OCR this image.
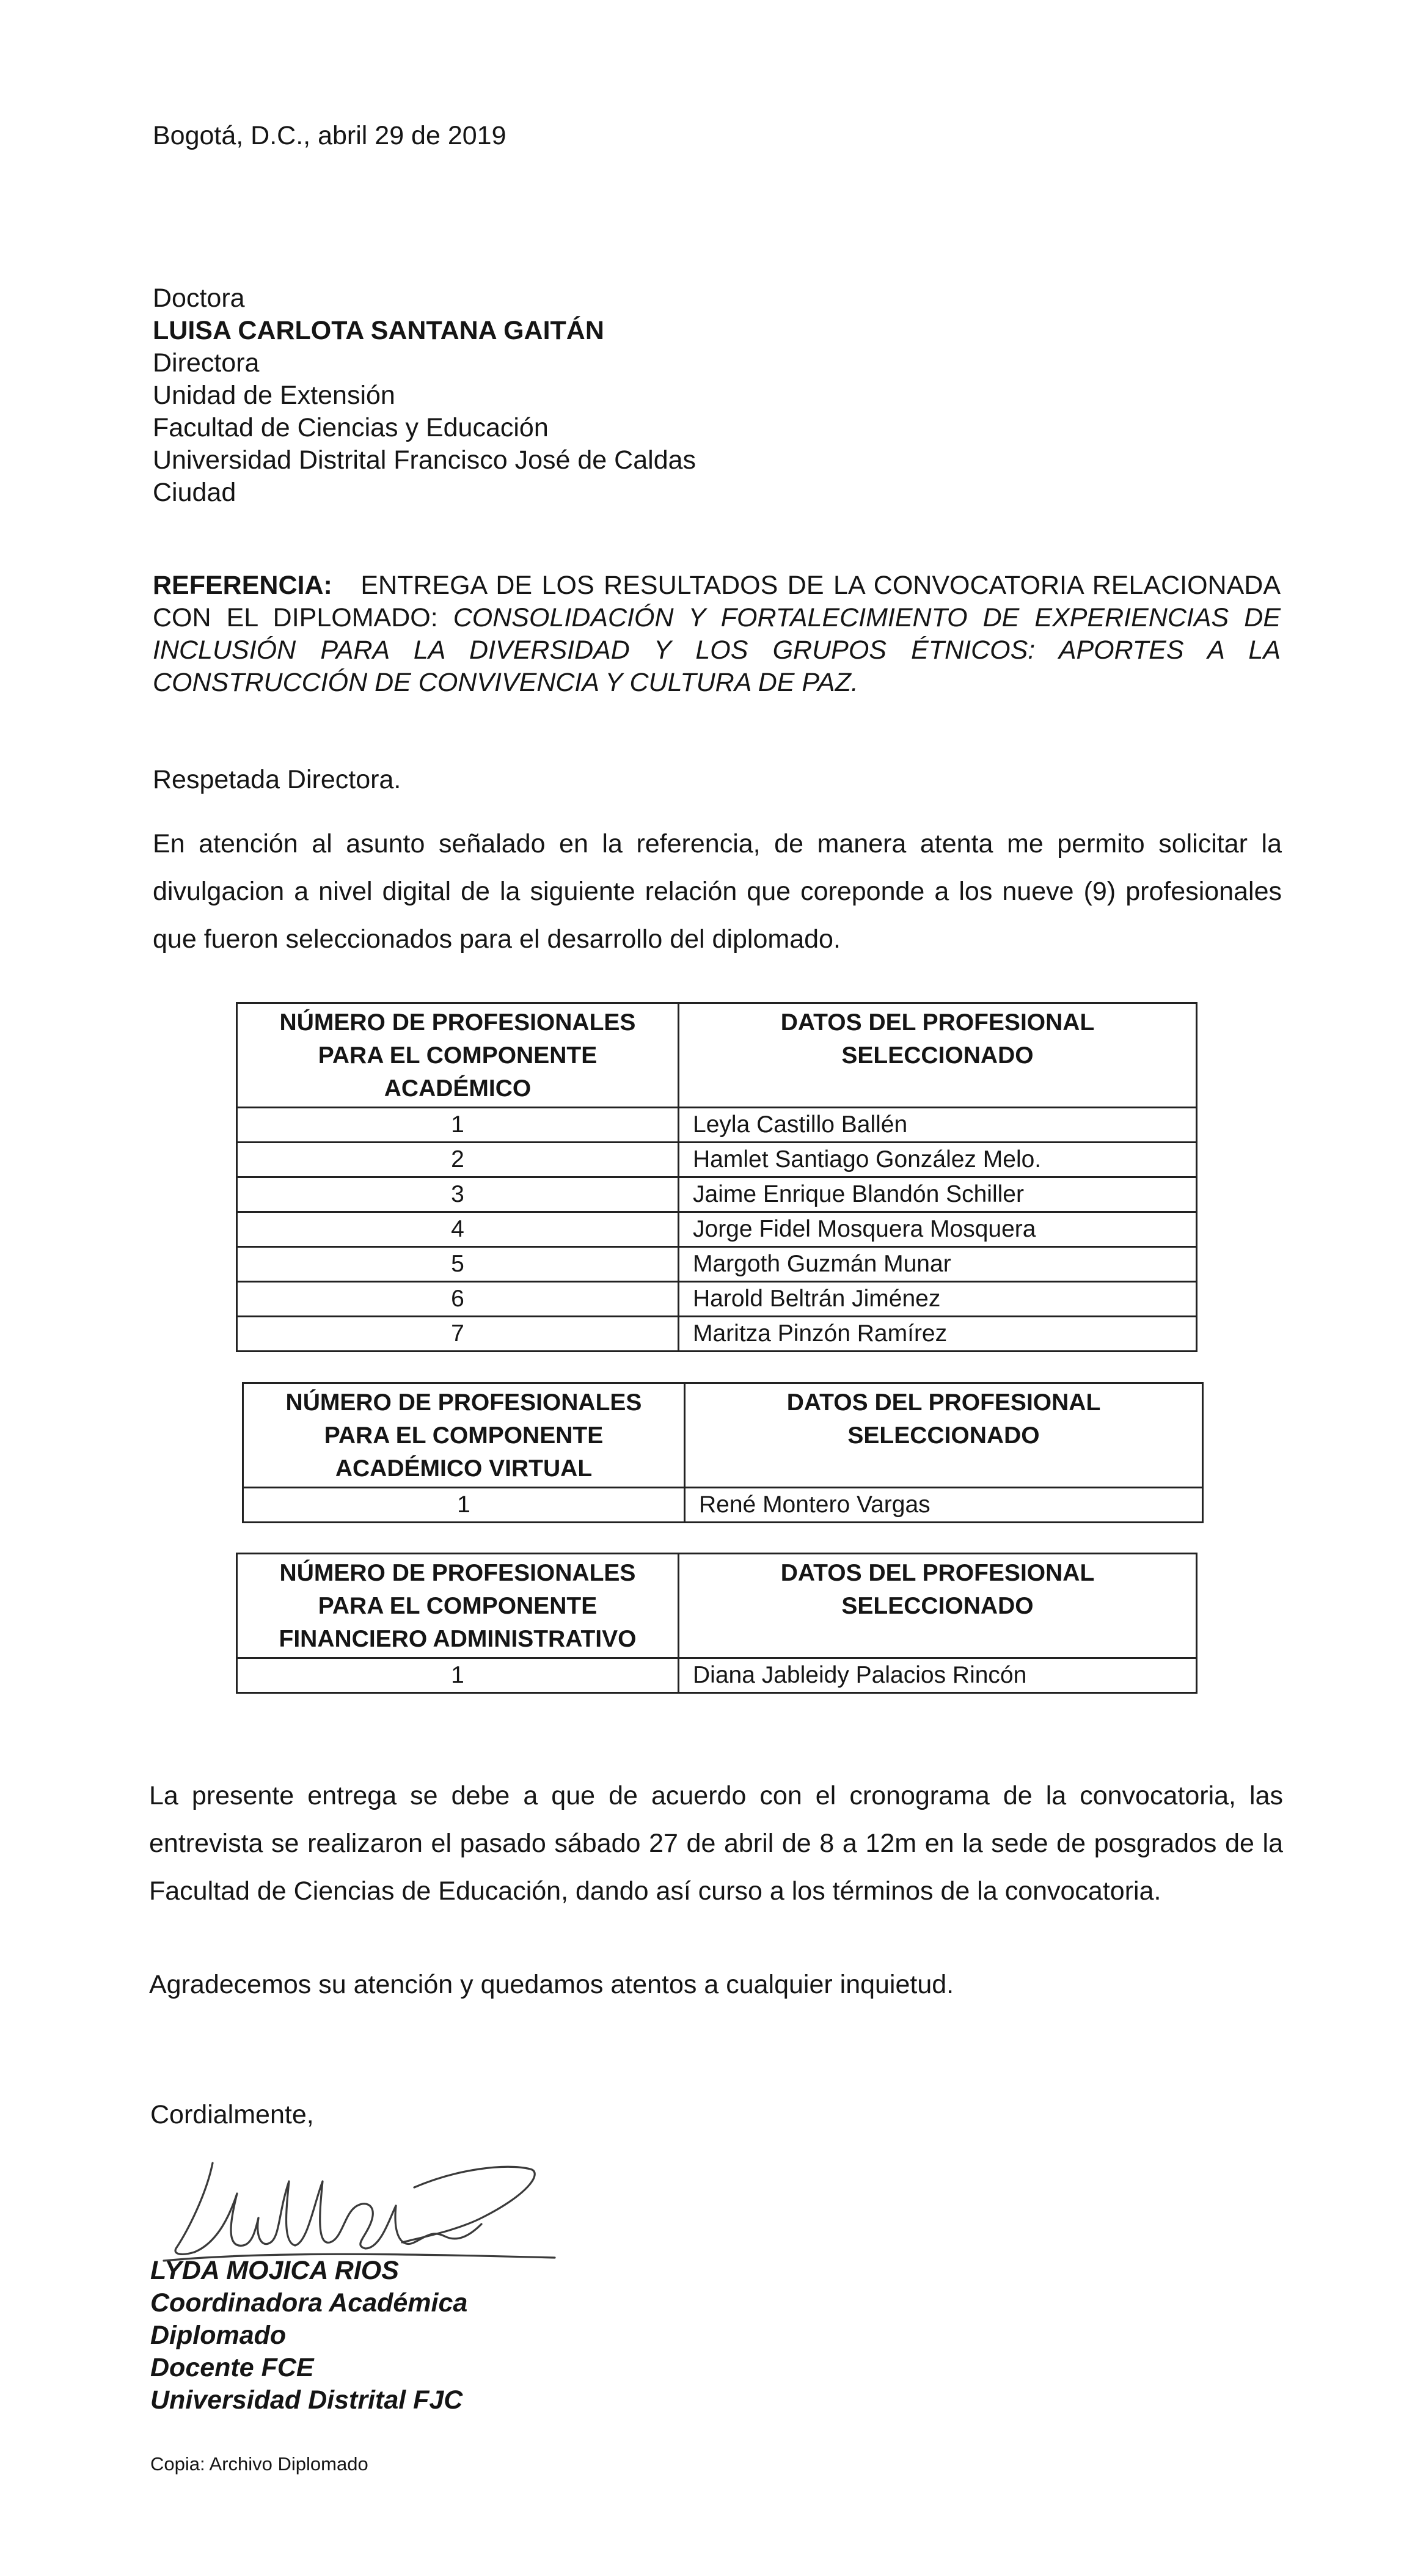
Bogotá, D.C., abril 29 de 2019

Doctora

LUISA CARLOTA SANTANA GAITÁN

Directora

Unidad de Extensión

Facultad de Ciencias y Educación

Universidad Distrital Francisco José de Caldas

Ciudad

REFERENCIA: ENTREGA DE LOS RESULTADOS DE LA CONVOCATORIA RELACIONADA CON EL DIPLOMADO: CONSOLIDACIÓN Y FORTALECIMIENTO DE EXPERIENCIAS DE INCLUSIÓN PARA LA DIVERSIDAD Y LOS GRUPOS ÉTNICOS: APORTES A LA CONSTRUCCIÓN DE CONVIVENCIA Y CULTURA DE PAZ.

Respetada Directora.

En atención al asunto señalado en la referencia, de manera atenta me permito solicitar la divulgacion a nivel digital de la siguiente relación que coreponde a los nueve (9) profesionales que fueron seleccionados para el desarrollo del diplomado.

NÚMERO DE PROFESIONALES PARA EL COMPONENTE ACADÉMICO	DATOS DEL PROFESIONAL SELECCIONADO
1	Leyla Castillo Ballén
2	Hamlet Santiago González Melo.
3	Jaime Enrique Blandón Schiller
4	Jorge Fidel Mosquera Mosquera
5	Margoth Guzmán Munar
6	Harold Beltrán Jiménez
7	Maritza Pinzón Ramírez
NÚMERO DE PROFESIONALES PARA EL COMPONENTE ACADÉMICO VIRTUAL	DATOS DEL PROFESIONAL SELECCIONADO
1	René Montero Vargas
NÚMERO DE PROFESIONALES PARA EL COMPONENTE FINANCIERO ADMINISTRATIVO	DATOS DEL PROFESIONAL SELECCIONADO
1	Diana Jableidy Palacios Rincón

La presente entrega se debe a que de acuerdo con el cronograma de la convocatoria, las entrevista se realizaron el pasado sábado 27 de abril de 8 a 12m en la sede de posgrados de la Facultad de Ciencias de Educación, dando así curso a los términos de la convocatoria.

Agradecemos su atención y quedamos atentos a cualquier inquietud.

Cordialmente,

LYDA MOJICA RIOS
Coordinadora Académica
Diplomado
Docente FCE
Universidad Distrital FJC
Copia: Archivo Diplomado
